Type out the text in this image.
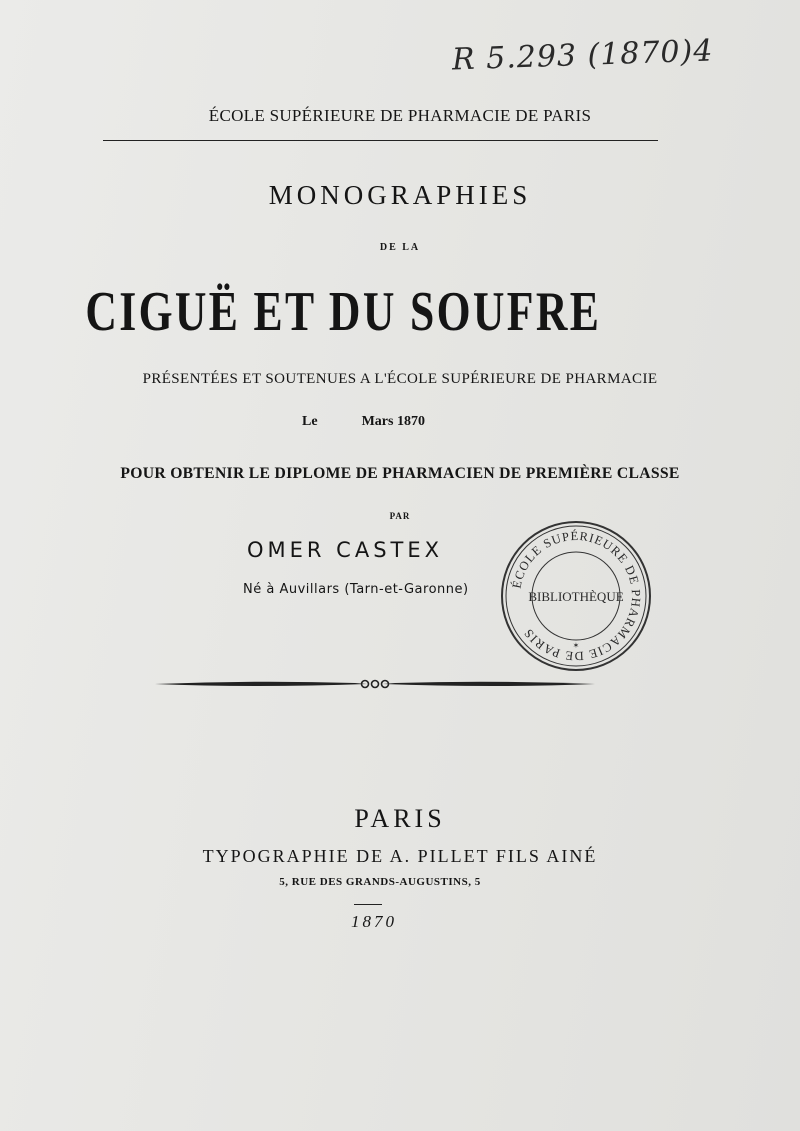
R 5.293 (1870)4
ÉCOLE SUPÉRIEURE DE PHARMACIE DE PARIS
MONOGRAPHIES
DE LA
CIGUË ET DU SOUFRE
PRÉSENTÉES ET SOUTENUES A L'ÉCOLE SUPÉRIEURE DE PHARMACIE
Le	Mars 1870
POUR OBTENIR LE DIPLOME DE PHARMACIEN DE PREMIÈRE CLASSE
PAR
OMER CASTEX
Né à Auvillars (Tarn-et-Garonne)	ÉCOLE SUPÉRIEURE DE PHARMACIE DE PARIS
BIBLIOTHÈQUE
✶
PARIS
TYPOGRAPHIE DE A. PILLET FILS AINÉ
5, RUE DES GRANDS-AUGUSTINS, 5
1870
